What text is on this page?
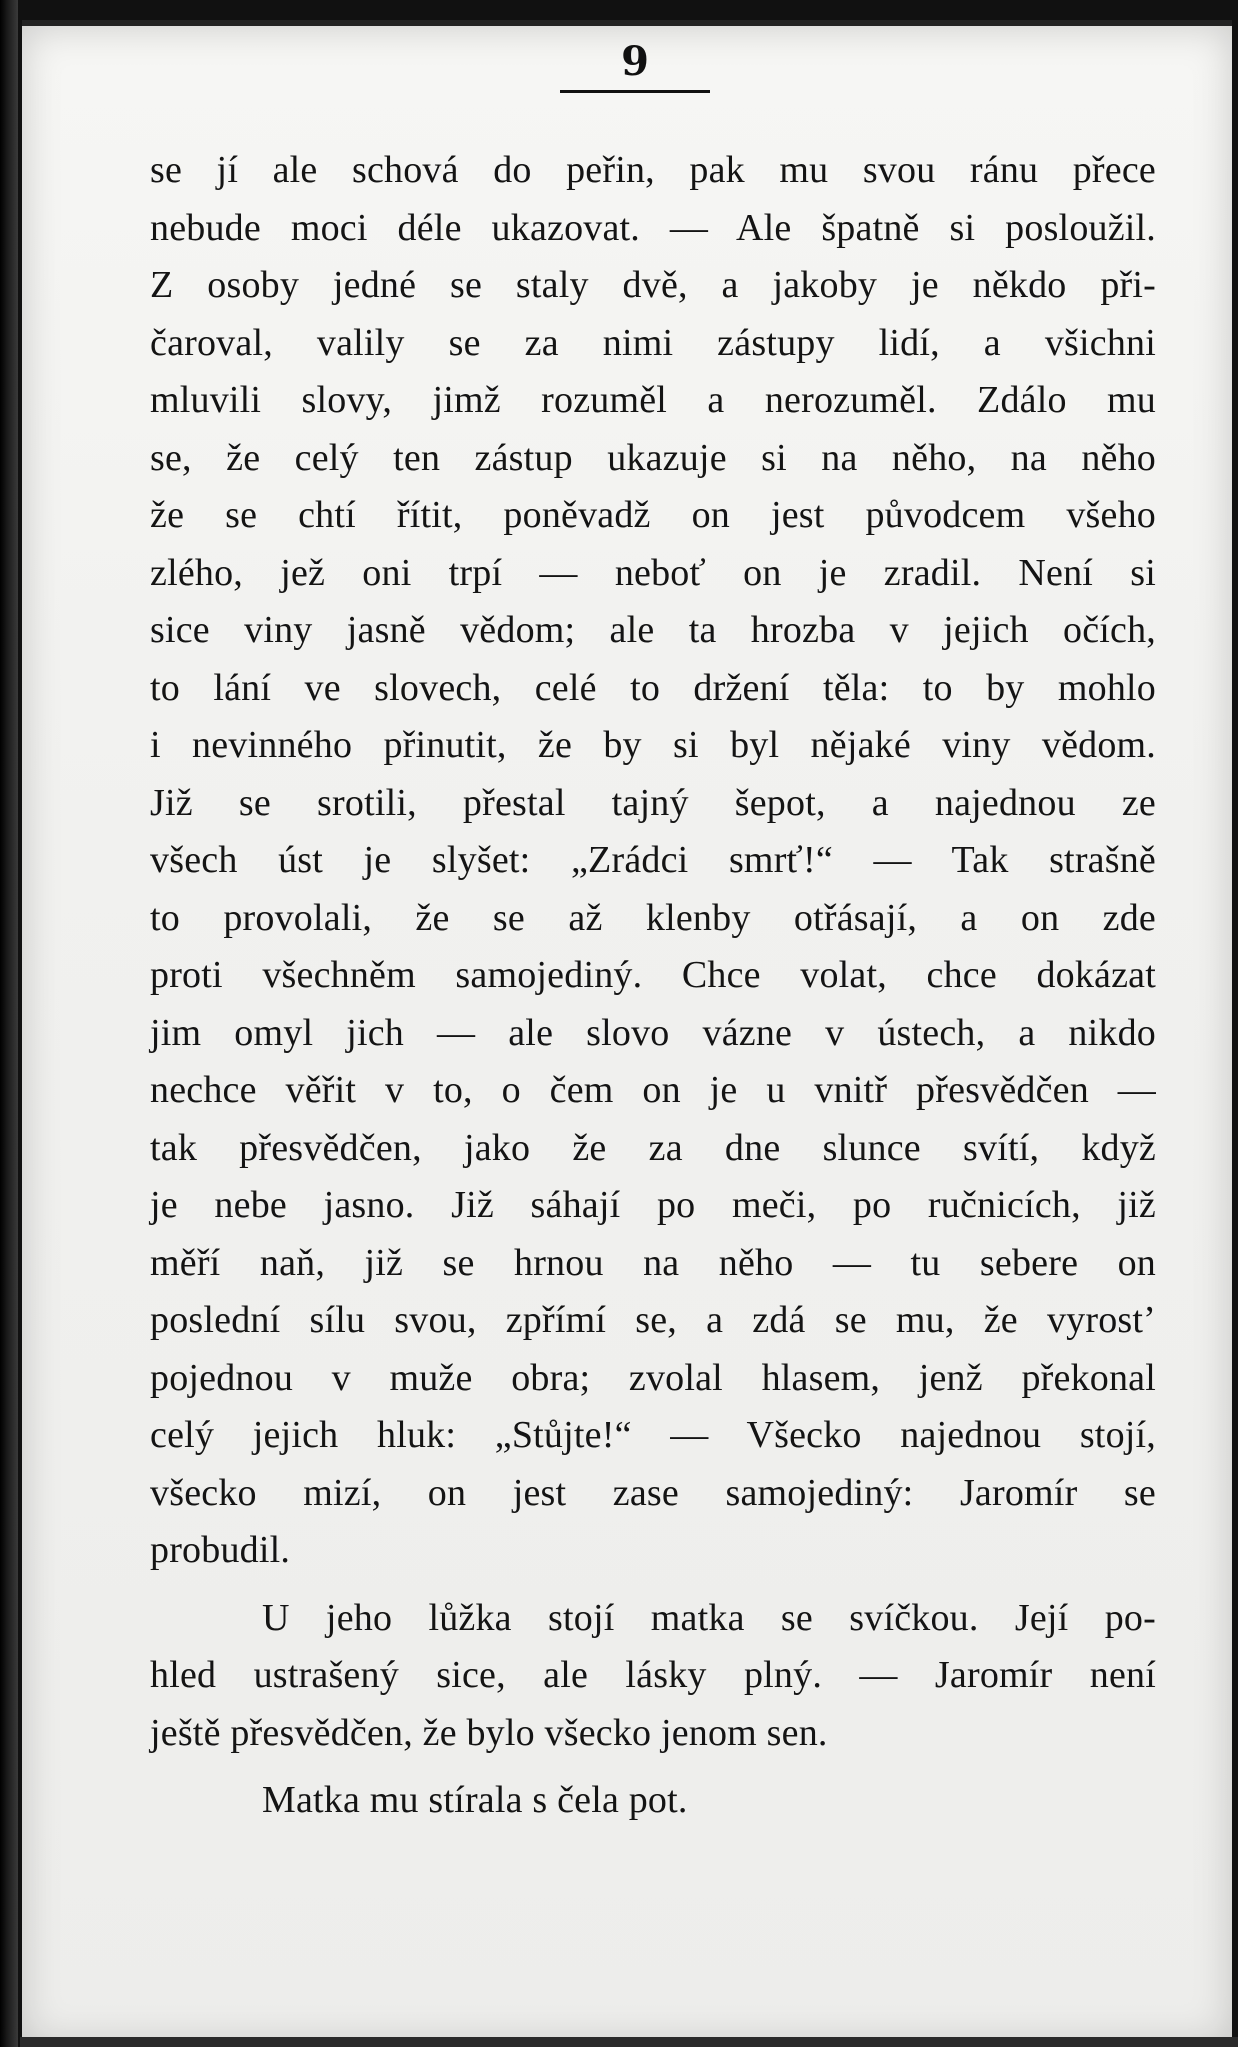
9
se jí ale schová do peřin, pak mu svou ránu přece
nebude moci déle ukazovat. — Ale špatně si posloužil.
Z osoby jedné se staly dvě, a jakoby je někdo při-
čaroval, valily se za nimi zástupy lidí, a všichni
mluvili slovy, jimž rozuměl a nerozuměl. Zdálo mu
se, že celý ten zástup ukazuje si na něho, na něho
že se chtí řítit, poněvadž on jest původcem všeho
zlého, jež oni trpí — neboť on je zradil. Není si
sice viny jasně vědom; ale ta hrozba v jejich očích,
to lání ve slovech, celé to držení těla: to by mohlo
i nevinného přinutit, že by si byl nějaké viny vědom.
Již se srotili, přestal tajný šepot, a najednou ze
všech úst je slyšet: „Zrádci smrť!“ — Tak strašně
to provolali, že se až klenby otřásají, a on zde
proti všechněm samojediný. Chce volat, chce dokázat
jim omyl jich — ale slovo vázne v ústech, a nikdo
nechce věřit v to, o čem on je u vnitř přesvědčen —
tak přesvědčen, jako že za dne slunce svítí, když
je nebe jasno. Již sáhají po meči, po ručnicích, již
měří naň, již se hrnou na něho — tu sebere on
poslední sílu svou, zpřímí se, a zdá se mu, že vyrost’
pojednou v muže obra; zvolal hlasem, jenž překonal
celý jejich hluk: „Stůjte!“ — Všecko najednou stojí,
všecko mizí, on jest zase samojediný: Jaromír se
probudil.
U jeho lůžka stojí matka se svíčkou. Její po-
hled ustrašený sice, ale lásky plný. — Jaromír není
ještě přesvědčen, že bylo všecko jenom sen.
Matka mu stírala s čela pot.
